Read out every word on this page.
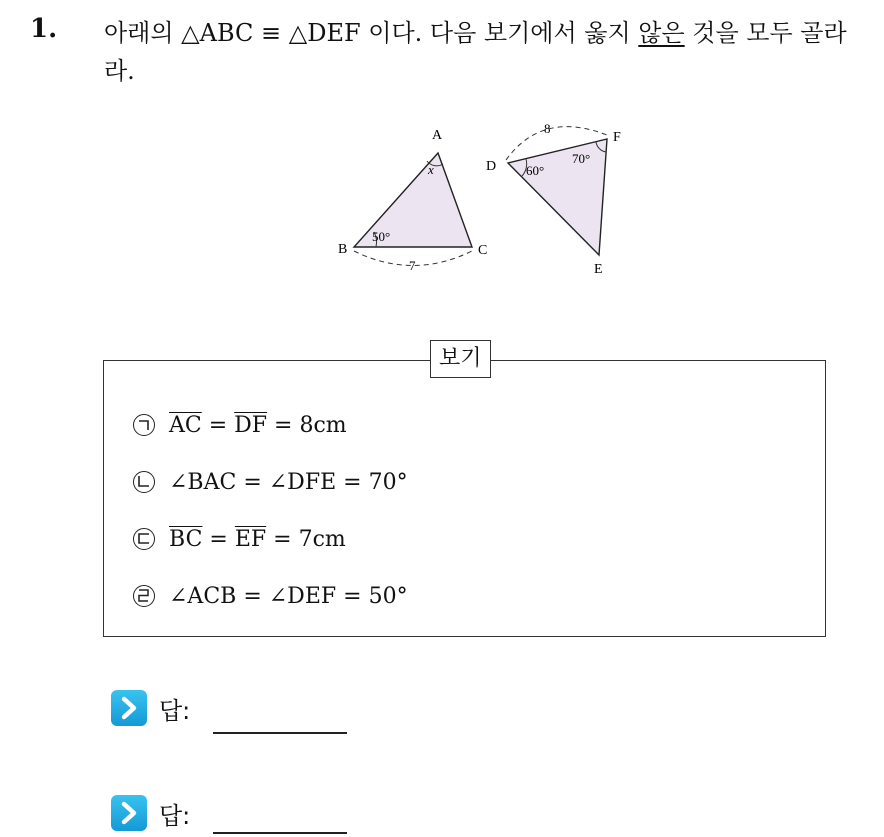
1. 아래의 △ABC ≡ △DEF 이다. 다음 보기에서 옳지 않은 것을 모두 골라라.
A
B	C
x
50°
7
D
E
F
60°
70°
8
보기
$\overline{AC} = \overline{DF} = 8cm$
∠BAC = ∠DFE = 70°
$\overline{BC} = \overline{EF} = 7cm$
∠ACB = ∠DEF = 50°
답:
답:
